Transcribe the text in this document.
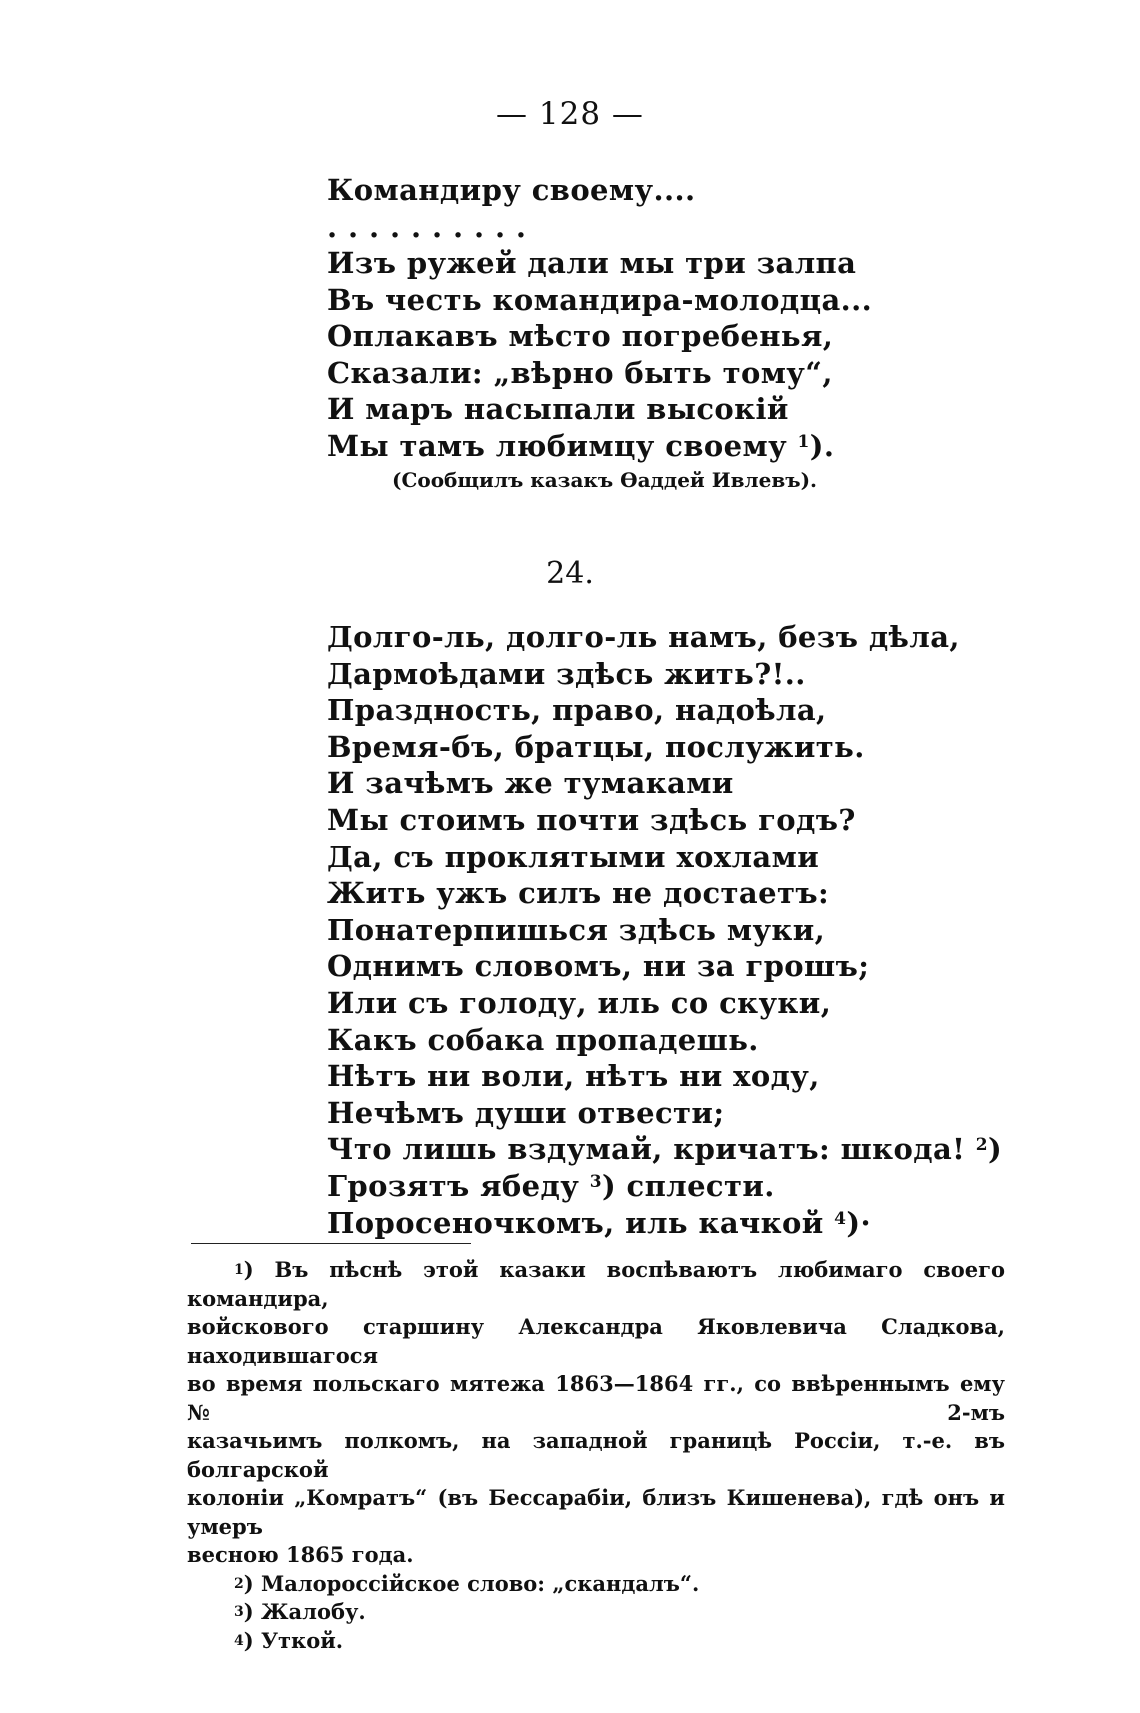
— 128 —
Командиру своему....
. . . . . . . . . .
Изъ ружей дали мы три залпа
Въ честь командира-молодца...
Оплакавъ мѣсто погребенья,
Сказали: „вѣрно быть тому“,
И маръ насыпали высокій
Мы тамъ любимцу своему $^1$).
(Сообщилъ казакъ Ѳаддей Ивлевъ).
24.
Долго-ль, долго-ль намъ, безъ дѣла,
Дармоѣдами здѣсь жить?!..
Праздность, право, надоѣла,
Время-бъ, братцы, послужить.
И зачѣмъ же тумаками
Мы стоимъ почти здѣсь годъ?
Да, съ проклятыми хохлами
Жить ужъ силъ не достаетъ:
Понатерпишься здѣсь муки,
Однимъ словомъ, ни за грошъ;
Или съ голоду, иль со скуки,
Какъ собака пропадешь.
Нѣтъ ни воли, нѣтъ ни ходу,
Нечѣмъ души отвести;
Что лишь вздумай, кричатъ: шкода! $^2$)
Грозятъ ябеду $^3$) сплести.
Поросеночкомъ, иль качкой $^4$)·
$^1$) Въ пѣснѣ этой казаки воспѣваютъ любимаго своего командира,
войскового старшину Александра Яковлевича Сладкова, находившагося
во время польскаго мятежа 1863—1864 гг., со ввѣреннымъ ему № 2-мъ
казачьимъ полкомъ, на западной границѣ Россіи, т.-е. въ болгарской
колоніи „Комратъ“ (въ Бессарабіи, близъ Кишенева), гдѣ онъ и умеръ
весною 1865 года.

$^2$) Малороссійское слово: „скандалъ“.

$^3$) Жалобу.

$^4$) Уткой.
